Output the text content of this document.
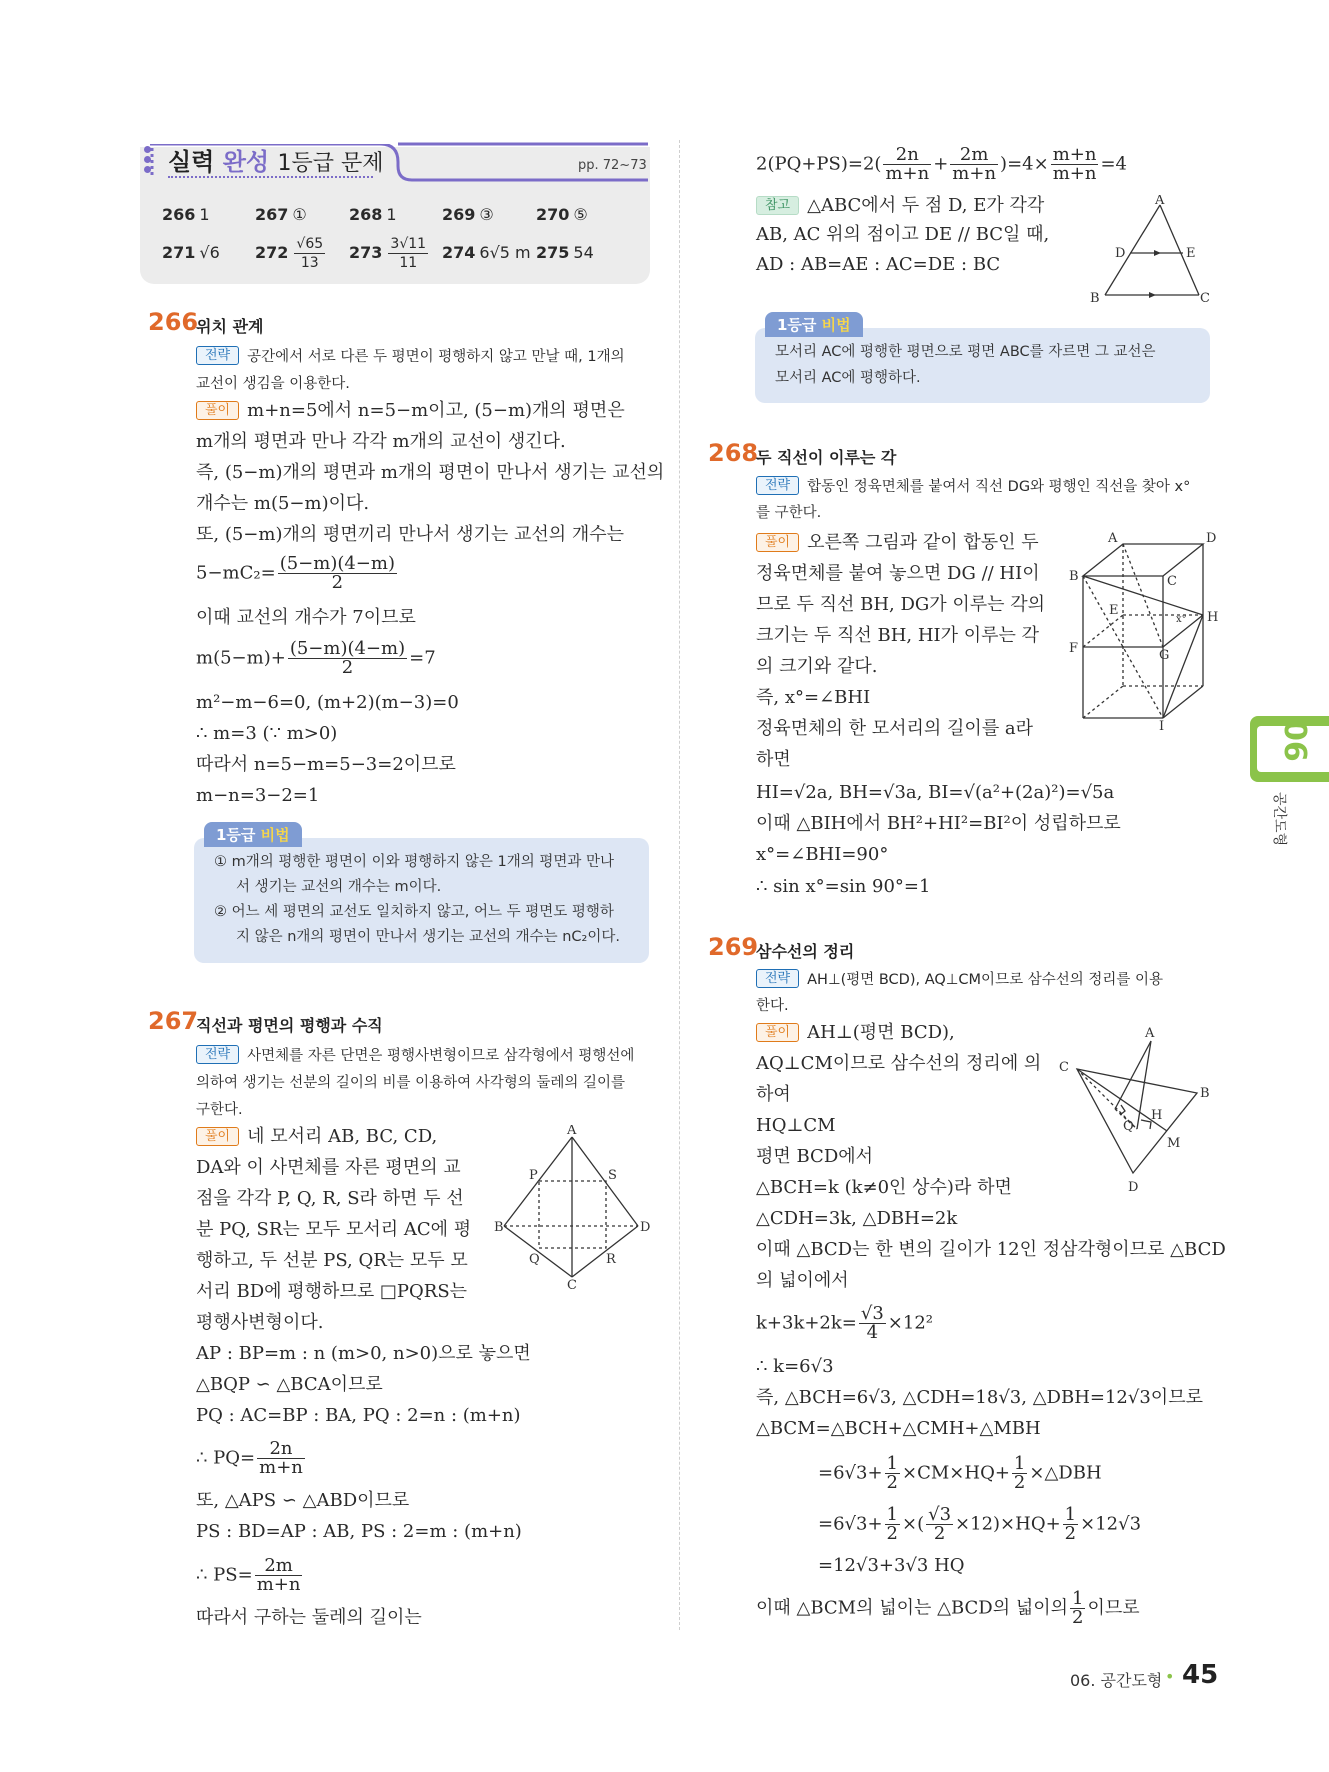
실력 완성 1등급 문제	pp. 72~73
266 1	267 ①	268 1	269 ③	270 ⑤
271 √6 $272 \frac{√65}{13} 273 \frac{3√11}{11} 274$ 6√5 m 275 54
266
위치 관계
전략 공간에서 서로 다른 두 평면이 평행하지 않고 만날 때, 1개의
교선이 생김을 이용한다.
풀이 m+n=5에서 n=5−m이고, (5−m)개의 평면은
m개의 평면과 만나 각각 m개의 교선이 생긴다.
즉, (5−m)개의 평면과 m개의 평면이 만나서 생기는 교선의
개수는 m(5−m)이다.
또, (5−m)개의 평면끼리 만나서 생기는 교선의 개수는
$5-mC_2= \frac{(5-m)(4-m)}{2}$
이때 교선의 개수가 7이므로
$m(5-m)+ \frac{(5-m)(4-m)}{2} =7$
m²−m−6=0, (m+2)(m−3)=0
∴ m=3 (∵ m>0)
따라서 n=5−m=5−3=2이므로
m−n=3−2=1
1등급 비법
① m개의 평행한 평면이 이와 평행하지 않은 1개의 평면과 만나
서 생기는 교선의 개수는 m이다.
② 어느 세 평면의 교선도 일치하지 않고, 어느 두 평면도 평행하
지 않은 n개의 평면이 만나서 생기는 교선의 개수는 nC₂이다.
267
직선과 평면의 평행과 수직
전략 사면체를 자른 단면은 평행사변형이므로 삼각형에서 평행선에
의하여 생기는 선분의 길이의 비를 이용하여 사각형의 둘레의 길이를
구한다.
풀이 네 모서리 AB, BC, CD,
DA와 이 사면체를 자른 평면의 교
점을 각각 P, Q, R, S라 하면 두 선
분 PQ, SR는 모두 모서리 AC에 평
행하고, 두 선분 PS, QR는 모두 모
서리 BD에 평행하므로 □PQRS는
평행사변형이다.
AP : BP=m : n (m>0, n>0)으로 놓으면
△BQP ∽ △BCA이므로
PQ : AC=BP : BA, PQ : 2=n : (m+n)
∴ $PQ= \frac{2n}{m+n}$
또, △APS ∽ △ABD이므로
PS : BD=AP : AB, PS : 2=m : (m+n)
∴ $PS= \frac{2m}{m+n}$
따라서 구하는 둘레의 길이는
A
P	S
B	D
Q	R
C
$2(PQ+PS)=2( \frac{2n}{m+n} + \frac{2m}{m+n} )=4\times \frac{m+n}{m+n} =4$
참고 △ABC에서 두 점 D, E가 각각
AB, AC 위의 점이고 DE // BC일 때,
AD : AB=AE : AC=DE : BC
A
D	E
B	C
1등급 비법
모서리 AC에 평행한 평면으로 평면 ABC를 자르면 그 교선은
모서리 AC에 평행하다.
268
두 직선이 이루는 각
전략 합동인 정육면체를 붙여서 직선 DG와 평행인 직선을 찾아 x°
를 구한다.
풀이 오른쪽 그림과 같이 합동인 두
정육면체를 붙여 놓으면 DG // HI이
므로 두 직선 BH, DG가 이루는 각의
크기는 두 직선 BH, HI가 이루는 각
의 크기와 같다.
즉, x°=∠BHI
정육면체의 한 모서리의 길이를 a라
하면
HI=√2a, BH=√3a, BI=√(a²+(2a)²)=√5a
이때 △BIH에서 BH²+HI²=BI²이 성립하므로
x°=∠BHI=90°
∴ sin x°=sin 90°=1
A	D
B	C
E	H
F	G
I
x°
269
삼수선의 정리
전략 AH⊥(평면 BCD), AQ⊥CM이므로 삼수선의 정리를 이용
한다.
풀이 AH⊥(평면 BCD),
AQ⊥CM이므로 삼수선의 정리에 의
하여
HQ⊥CM
평면 BCD에서
△BCH=k (k≠0인 상수)라 하면
△CDH=3k, △DBH=2k
이때 △BCD는 한 변의 길이가 12인 정삼각형이므로 △BCD
의 넓이에서
$k+3k+2k= \frac{√3}{4} \times 12^2$
∴ k=6√3
즉, △BCH=6√3, △CDH=18√3, △DBH=12√3이므로
△BCM=△BCH+△CMH+△MBH
$=6√3+ \frac{1}{2} \times CM\times HQ+ \frac{1}{2}$ ×△DBH
$=6√3+ \frac{1}{2}$ ×( $\frac{√3}{2} \times 12)\times HQ+ \frac{1}{2} \times 12√3$
=12√3+3√3 HQ
이때 △BCM의 넓이는 △BCD의 넓이의 $\frac{1}{2}$ 이므로
A
C
B
H
Q
M
D
06
공간도형
06. 공간도형 • 45
